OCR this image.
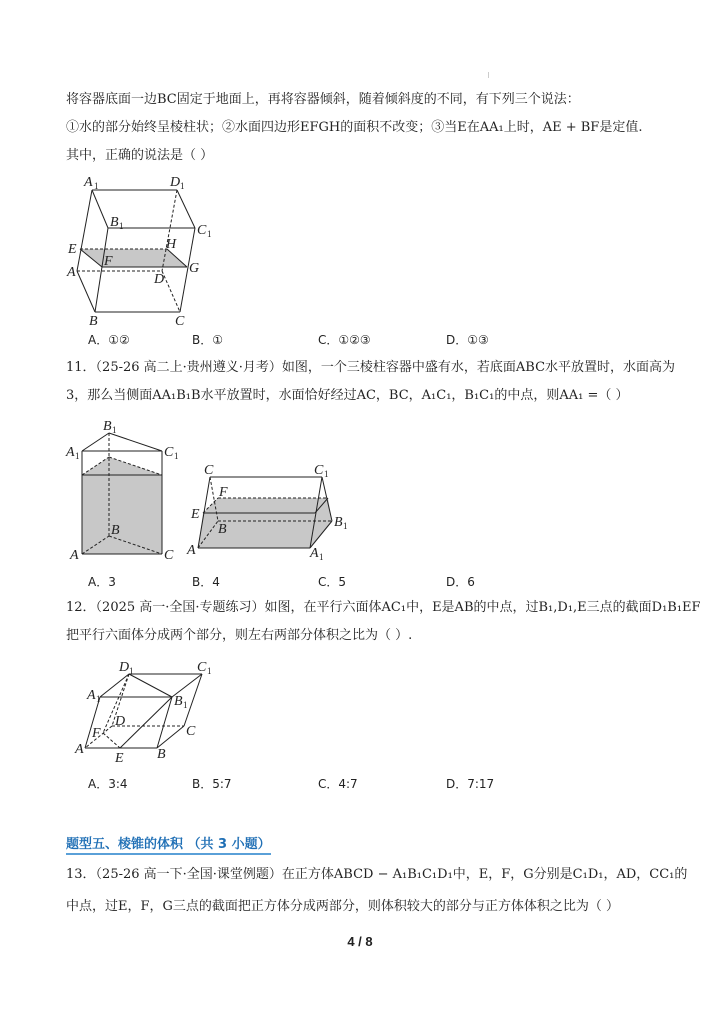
将容器底面一边BC固定于地面上，再将容器倾斜，随着倾斜度的不同，有下列三个说法：
①水的部分始终呈棱柱状；②水面四边形EFGH的面积不改变；③当E在AA₁上时，AE + BF是定值.
其中，正确的说法是（ ）
A 1	D 1
B 1	C 1
E	H
F	G
A	D
B	C
B 1
A 1	C 1
B
A	C
C	C 1
F
E
B	B 1
A	A 1
D 1	C 1
A 1	B 1
D
C
F
A
E B
A．①②	B．①	C．①②③	D．①③
11．（25-26 高二上·贵州遵义·月考）如图，一个三棱柱容器中盛有水，若底面ABC水平放置时，水面高为
3，那么当侧面AA₁B₁B水平放置时，水面恰好经过AC，BC，A₁C₁，B₁C₁的中点，则AA₁ =（ ）
A．3	B．4	C．5	D．6
12．（2025 高一·全国·专题练习）如图，在平行六面体AC₁中，E是AB的中点，过B₁,D₁,E三点的截面D₁B₁EF
把平行六面体分成两个部分，则左右两部分体积之比为（ ）.
A．3:4	B．5:7	C．4:7	D．7:17
题型五、棱锥的体积 （共 3 小题）
13．（25-26 高一下·全国·课堂例题）在正方体ABCD − A₁B₁C₁D₁中，E，F，G分别是C₁D₁，AD，CC₁的
中点，过E，F，G三点的截面把正方体分成两部分，则体积较大的部分与正方体体积之比为（ ）
4 / 8
